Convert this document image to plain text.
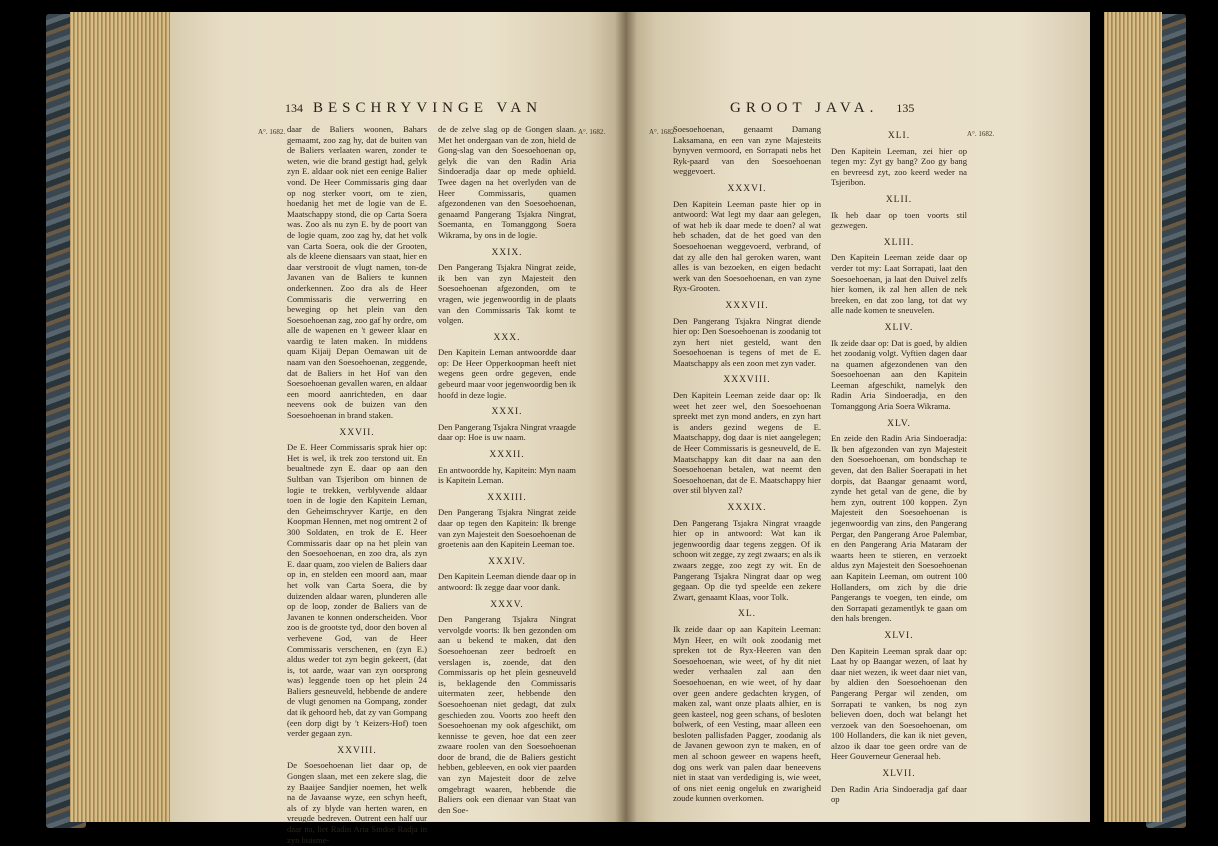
134 BESCHRYVINGE VAN
A°. 1682.	A°. 1682.

daar de Baliers woonen, Bahars gemaamt, zoo zag hy, dat de buiten van de Baliers verlaaten waren, zonder te weten, wie die brand gestigt had, gelyk zyn E. aldaar ook niet een eenige Balier vond. De Heer Commissaris ging daar op nog sterker voort, om te zien, hoedanig het met de logie van de E. Maatschappy stond, die op Carta Soera was. Zoo als nu zyn E. by de poort van de logie quam, zoo zag hy, dat het volk van Carta Soera, ook die der Grooten, als de kleene diensaars van staat, hier en daar verstrooit de vlugt namen, ton-de Javanen van de Baliers te kunnen onderkennen. Zoo dra als de Heer Commissaris die verwerring en beweging op het plein van den Soesoehoenan zag, zoo gaf hy ordre, om alle de wapenen en 't geweer klaar en vaardig te laten maken. In middens quam Kijaij Depan Oemawan uit de naam van den Soesoehoenan, zeggende, dat de Baliers in het Hof van den Soesoehoenan gevallen waren, en aldaar een moord aanrichteden, en daar neevens ook de buizen van den Soesoehoenan in brand staken.

XXVII.

De E. Heer Commissaris sprak hier op: Het is wel, ik trek zoo terstond uit. En beualtnede zyn E. daar op aan den Sultban van Tsjeribon om binnen de logie te trekken, verblyvende aldaar toen in de logie den Kapitein Leman, den Geheimschryver Kartje, en den Koopman Hennen, met nog omtrent 2 of 300 Soldaten, en trok de E. Heer Commissaris daar op na het plein van den Soesoehoenan, en zoo dra, als zyn E. daar quam, zoo vielen de Baliers daar op in, en stelden een moord aan, maar het volk van Carta Soera, die by duizenden aldaar waren, plunderen alle op de loop, zonder de Baliers van de Javanen te konnen onderscheiden. Voor zoo is de grootste tyd, door den boven al verhevene God, van de Heer Commissaris verschenen, en (zyn E.) aldus weder tot zyn begin gekeert, (dat is, tot aarde, waar van zyn oorsprong was) leggende toen op het plein 24 Baliers gesneuveld, hebbende de andere de vlugt genomen na Gompang, zonder dat ik gehoord heb, dat zy van Gompang (een dorp digt by 't Keizers-Hof) toen verder gegaan zyn.

XXVIII.

De Soesoehoenan liet daar op, de Gongen slaan, met een zekere slag, die zy Baaijee Sandjier noemen, het welk na de Javaanse wyze, een schyn heeft, als of zy blyde van herten waren, en vreugde bedreven. Outrent een half uur daar na, liet Radin Aria Sindoe Radja in zyn buisme-

de de zelve slag op de Gongen slaan. Met het ondergaan van de zon, hield de Gong-slag van den Soesoehoenan op, gelyk die van den Radin Aria Sindoeradja daar op mede ophield. Twee dagen na het overlyden van de Heer Commissaris, quamen afgezondenen van den Soesoehoenan, genaamd Pangerang Tsjakra Ningrat, Soemanta, en Tomanggong Soera Wikrama, by ons in de logie.

XXIX.

Den Pangerang Tsjakra Ningrat zeide, ik ben van zyn Majesteit den Soesoehoenan afgezonden, om te vragen, wie jegenwoordig in de plaats van den Commissaris Tak komt te volgen.

XXX.

Den Kapitein Leman antwoordde daar op: De Heer Opperkoopman heeft niet wegens geen ordre gegeven, ende gebeurd maar voor jegenwoordig ben ik hoofd in deze logie.

XXXI.

Den Pangerang Tsjakra Ningrat vraagde daar op: Hoe is uw naam.

XXXII.

En antwoordde hy, Kapitein: Myn naam is Kapitein Leman.

XXXIII.

Den Pangerang Tsjakra Ningrat zeide daar op tegen den Kapitein: Ik brenge van zyn Majesteit den Soesoehoenan de groetenis aan den Kapitein Leeman toe.

XXXIV.

Den Kapitein Leeman diende daar op in antwoord: Ik zegge daar voor dank.

XXXV.

Den Pangerang Tsjakra Ningrat vervolgde voorts: Ik ben gezonden om aan u bekend te maken, dat den Soesoehoenan zeer bedroeft en verslagen is, zoende, dat den Commissaris op het plein gesneuveld is, beklagende den Commissaris uitermaten zeer, hebbende den Soesoehoenan niet gedagt, dat zulx geschieden zou. Voorts zoo heeft den Soesoehoenan my ook afgeschikt, om kennisse te geven, hoe dat een zeer zwaare roolen van den Soesoehoenan door de brand, die de Baliers gesticht hebben, gebleeven, en ook vier paarden van zyn Majesteit door de zelve omgebragt waaren, hebbende die Baliers ook een dienaar van Staat van den Soe-

GROOT JAVA. 135
A°. 1682.	A°. 1682.

Soesoehoenan, genaamt Damang Laksamana, en een van zyne Majesteits bynyven vermoord, en Sorrapati nebs het Ryk-paard van den Soesoehoenan weggevoert.

XXXVI.

Den Kapitein Leeman paste hier op in antwoord: Wat legt my daar aan gelegen, of wat heb ik daar mede te doen? al wat heb schaden, dat de het goed van den Soesoehoenan weggevoerd, verbrand, of dat zy alle den hal geroken waren, want alles is van bezoeken, en eigen bedacht werk van den Soesoehoenan, en van zyne Ryx-Grooten.

XXXVII.

Den Pangerang Tsjakra Ningrat diende hier op: Den Soesoehoenan is zoodanig tot zyn hert niet gesteld, want den Soesoehoenan is tegens of met de E. Maatschappy als een zoon met zyn vader.

XXXVIII.

Den Kapitein Leeman zeide daar op: Ik weet het zeer wel, den Soesoehoenan spreekt met zyn mond anders, en zyn hart is anders gezind wegens de E. Maatschappy, dog daar is niet aangelegen; de Heer Commissaris is gesneuveld, de E. Maatschappy kan dit daar na aan den Soesoehoenan betalen, wat neemt den Soesoehoenan, dat de E. Maatschappy hier over stil blyven zal?

XXXIX.

Den Pangerang Tsjakra Ningrat vraagde hier op in antwoord: Wat kan ik jegenwoordig daar tegens zeggen. Of ik schoon wit zegge, zy zegt zwaars; en als ik zwaars zegge, zoo zegt zy wit. En de Pangerang Tsjakra Ningrat daar op weg gegaan. Op die tyd speelde een zekere Zwart, genaamt Klaas, voor Tolk.

XL.

Ik zeide daar op aan Kapitein Leeman: Myn Heer, en wilt ook zoodanig met spreken tot de Ryx-Heeren van den Soesoehoenan, wie weet, of hy dit niet weder verhaalen zal aan den Soesoehoenan, en wie weet, of hy daar over geen andere gedachten krygen, of maken zal, want onze plaats alhier, en is geen kasteel, nog geen schans, of besloten bolwerk, of een Vesting, maar alleen een besloten pallisfaden Pagger, zoodanig als de Javanen gewoon zyn te maken, en of men al schoon geweer en wapens heeft, dog ons werk van palen daar beneevens niet in staat van verdediging is, wie weet, of ons niet eenig ongeluk en zwarigheid zoude kunnen overkomen.

XLI.

Den Kapitein Leeman, zei hier op tegen my: Zyt gy bang? Zoo gy bang en bevreesd zyt, zoo keerd weder na Tsjeribon.

XLII.

Ik heb daar op toen voorts stil gezwegen.

XLIII.

Den Kapitein Leeman zeide daar op verder tot my: Laat Sorrapati, laat den Soesoehoenan, ja laat den Duivel zelfs hier komen, ik zal hen allen de nek breeken, en dat zoo lang, tot dat wy alle nade komen te sneuvelen.

XLIV.

Ik zeide daar op: Dat is goed, by aldien het zoodanig volgt. Vyftien dagen daar na quamen afgezondenen van den Soesoehoenan aan den Kapitein Leeman afgeschikt, namelyk den Radin Aria Sindoeradja, en den Tomanggong Aria Soera Wikrama.

XLV.

En zeide den Radin Aria Sindoeradja: Ik ben afgezonden van zyn Majesteit den Soesoehoenan, om bondschap te geven, dat den Balier Soerapati in het dorpis, dat Baangar genaamt word, zynde het getal van de gene, die by hem zyn, outrent 100 koppen. Zyn Majesteit den Soesoehoenan is jegenwoordig van zins, den Pangerang Pergar, den Pangerang Aroe Palembar, en den Pangerang Aria Mataram der waarts heen te stieren, en verzoekt aldus zyn Majesteit den Soesoehoenan aan Kapitein Leeman, om outrent 100 Hollanders, om zich by die drie Pangerangs te voegen, ten einde, om den Sorrapati gezamentlyk te gaan om den hals brengen.

XLVI.

Den Kapitein Leeman sprak daar op: Laat hy op Baangar wezen, of laat hy daar niet wezen, ik weet daar niet van, by aldien den Soesoehoenan den Pangerang Pergar wil zenden, om Sorrapati te vanken, bs nog zyn believen doen, doch wat belangt het verzoek van den Soesoehoenan, om 100 Hollanders, die kan ik niet geven, alzoo ik daar toe geen ordre van de Heer Gouverneur Generaal heb.

XLVII.

Den Radin Aria Sindoeradja gaf daar op
